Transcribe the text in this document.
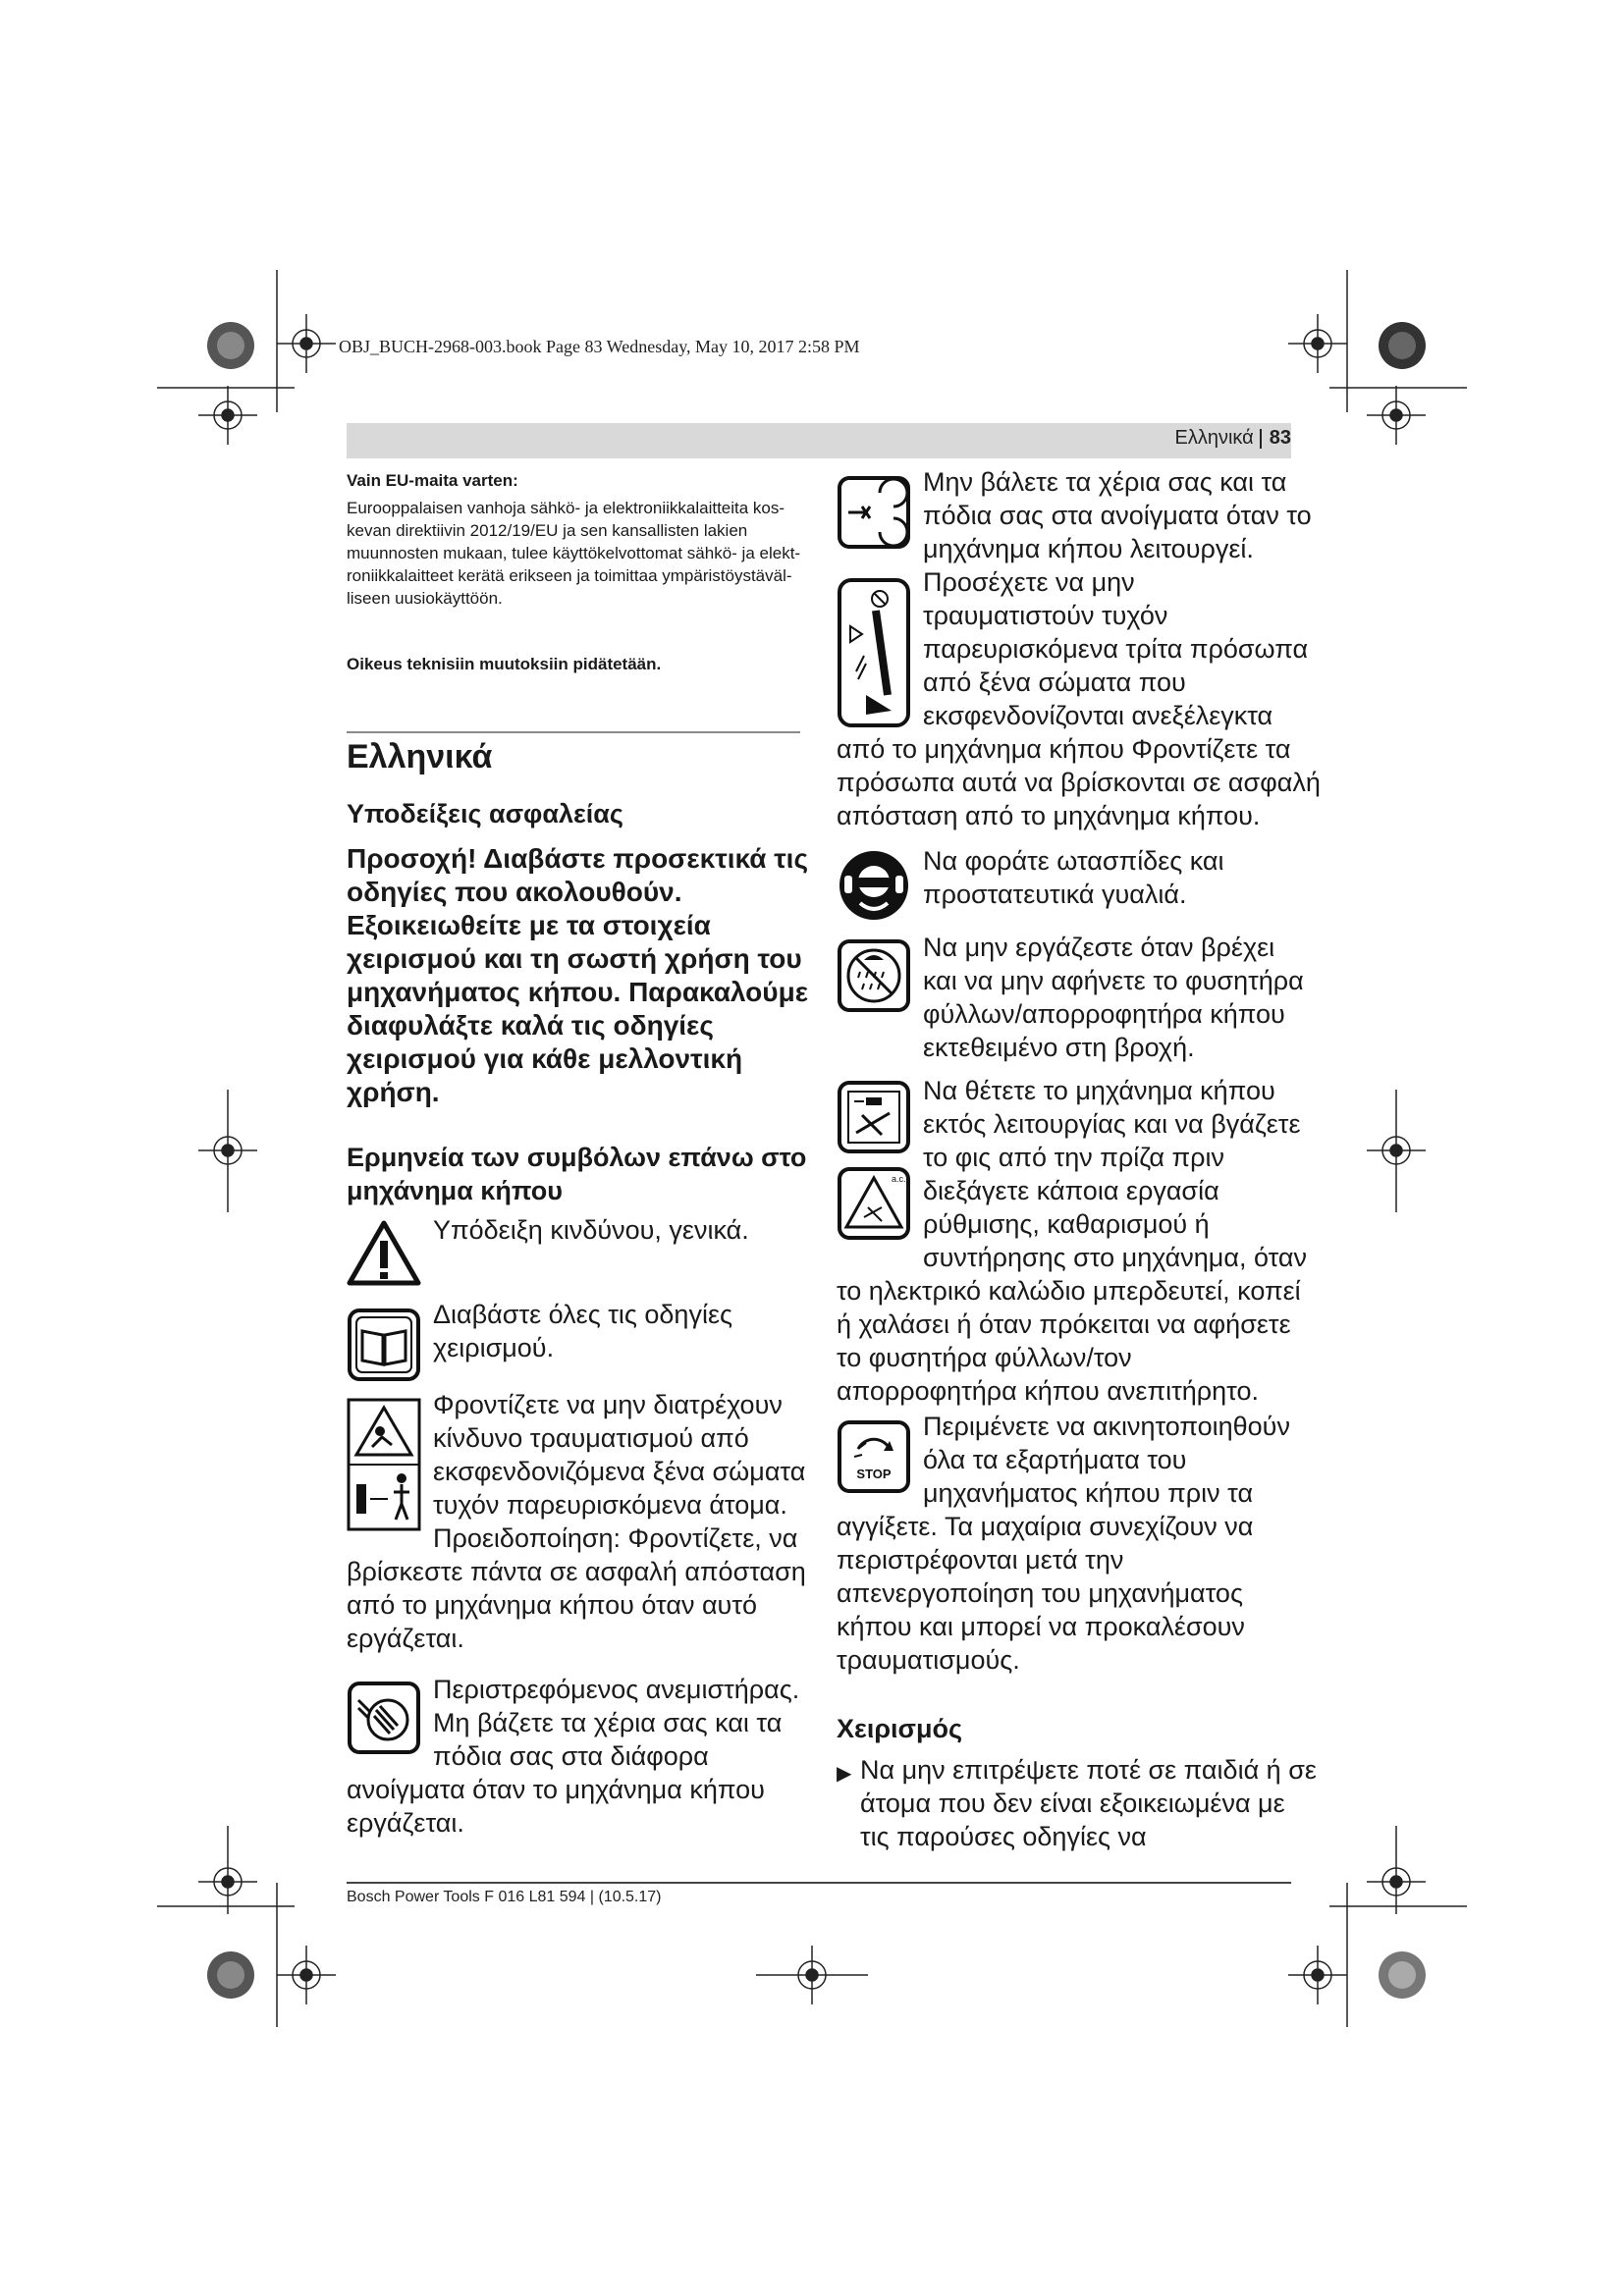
OBJ_BUCH-2968-003.book Page 83 Wednesday, May 10, 2017 2:58 PM
Ελληνικά 83
Vain EU-maita varten:
Eurooppalaisen vanhoja sähkö- ja elektroniikkalaitteita kos-
kevan direktiivin 2012/19/EU ja sen kansallisten lakien
muunnosten mukaan, tulee käyttökelvottomat sähkö- ja elekt-
roniikkalaitteet kerätä erikseen ja toimittaa ympäristöystäväl-
liseen uusiokäyttöön.
Oikeus teknisiin muutoksiin pidätetään.
Ελληνικά
Υποδείξεις ασφαλείας
Προσοχή! Διαβάστε προσεκτικά τις
οδηγίες που ακολουθούν.
Εξοικειωθείτε με τα στοιχεία
χειρισμού και τη σωστή χρήση του
μηχανήματος κήπου. Παρακαλούμε
διαφυλάξτε καλά τις οδηγίες
χειρισμού για κάθε μελλοντική
χρήση.
Ερμηνεία των συμβόλων επάνω στο
μηχάνημα κήπου
Υπόδειξη κινδύνου, γενικά.
Διαβάστε όλες τις οδηγίες
χειρισμού.
Φροντίζετε να μην διατρέχουν
κίνδυνο τραυματισμού από
εκσφενδονιζόμενα ξένα σώματα
τυχόν παρευρισκόμενα άτομα.
Προειδοποίηση: Φροντίζετε, να
βρίσκεστε πάντα σε ασφαλή απόσταση
από το μηχάνημα κήπου όταν αυτό
εργάζεται.
Περιστρεφόμενος ανεμιστήρας.
Μη βάζετε τα χέρια σας και τα
πόδια σας στα διάφορα
ανοίγματα όταν το μηχάνημα κήπου
εργάζεται.
Μην βάλετε τα χέρια σας και τα
πόδια σας στα ανοίγματα όταν το
μηχάνημα κήπου λειτουργεί.
Προσέχετε να μην
τραυματιστούν τυχόν
παρευρισκόμενα τρίτα πρόσωπα
από ξένα σώματα που
εκσφενδονίζονται ανεξέλεγκτα
από το μηχάνημα κήπου Φροντίζετε τα
πρόσωπα αυτά να βρίσκονται σε ασφαλή
απόσταση από το μηχάνημα κήπου.
Να φοράτε ωτασπίδες και
προστατευτικά γυαλιά.
Να μην εργάζεστε όταν βρέχει
και να μην αφήνετε το φυσητήρα
φύλλων/απορροφητήρα κήπου
εκτεθειμένο στη βροχή.
a.c.
Να θέτετε το μηχάνημα κήπου
εκτός λειτουργίας και να βγάζετε
το φις από την πρίζα πριν
διεξάγετε κάποια εργασία
ρύθμισης, καθαρισμού ή
συντήρησης στο μηχάνημα, όταν
το ηλεκτρικό καλώδιο μπερδευτεί, κοπεί
ή χαλάσει ή όταν πρόκειται να αφήσετε
το φυσητήρα φύλλων/τον
απορροφητήρα κήπου ανεπιτήρητο.
STOP
Περιμένετε να ακινητοποιηθούν
όλα τα εξαρτήματα του
μηχανήματος κήπου πριν τα
αγγίξετε. Τα μαχαίρια συνεχίζουν να
περιστρέφονται μετά την
απενεργοποίηση του μηχανήματος
κήπου και μπορεί να προκαλέσουν
τραυματισμούς.
Χειρισμός
▶ Να μην επιτρέψετε ποτέ σε παιδιά ή σε
άτομα που δεν είναι εξοικειωμένα με
τις παρούσες οδηγίες να
Bosch Power Tools F 016 L81 594 | (10.5.17)
